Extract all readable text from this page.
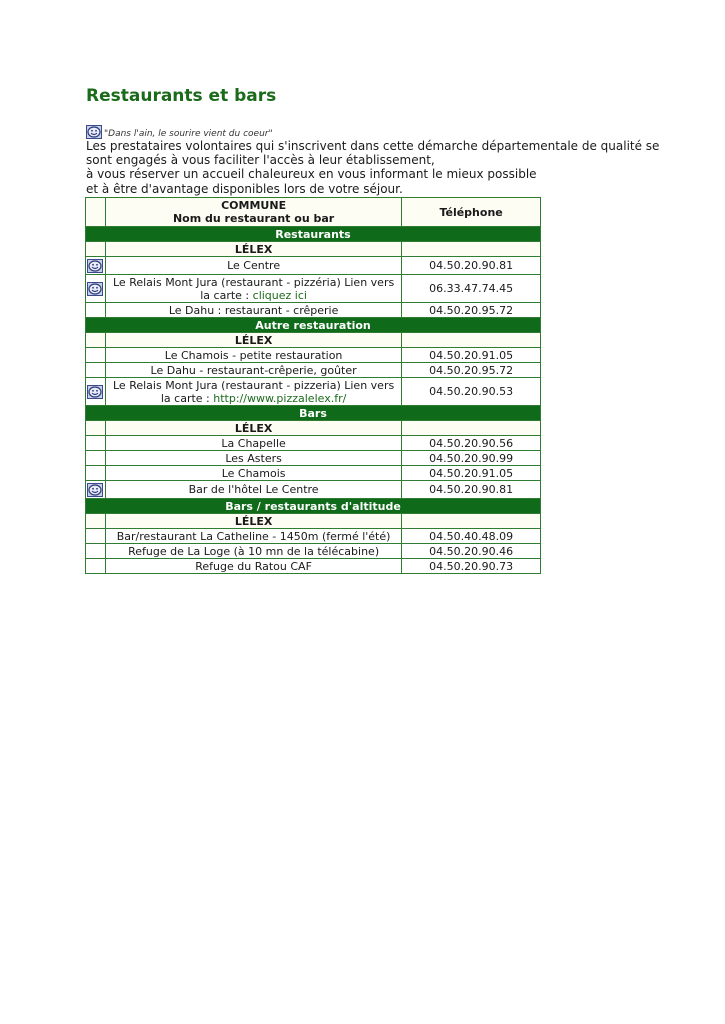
Restaurants et bars
"Dans l'ain, le sourire vient du coeur"
Les prestataires volontaires qui s'inscrivent dans cette démarche départementale de qualité se
sont engagés à vous faciliter l'accès à leur établissement,
à vous réserver un accueil chaleureux en vous informant le mieux possible
et à être d'avantage disponibles lors de votre séjour.

	COMMUNE
Nom du restaurant ou bar	Téléphone
Restaurants		
	LÉLEX	
	Le Centre	04.50.20.90.81
	Le Relais Mont Jura (restaurant - pizzéria) Lien vers la carte : cliquez ici	06.33.47.74.45
	Le Dahu : restaurant - crêperie	04.50.20.95.72
Autre restauration		
	LÉLEX	
	Le Chamois - petite restauration	04.50.20.91.05
	Le Dahu - restaurant-crêperie, goûter	04.50.20.95.72
	Le Relais Mont Jura (restaurant - pizzeria) Lien vers la carte : http://www.pizzalelex.fr/	04.50.20.90.53
Bars		
	LÉLEX	
	La Chapelle	04.50.20.90.56
	Les Asters	04.50.20.90.99
	Le Chamois	04.50.20.91.05
	Bar de l'hôtel Le Centre	04.50.20.90.81
Bars / restaurants d'altitude		
	LÉLEX	
	Bar/restaurant La Catheline - 1450m (fermé l'été)	04.50.40.48.09
	Refuge de La Loge (à 10 mn de la télécabine)	04.50.20.90.46
	Refuge du Ratou CAF	04.50.20.90.73
